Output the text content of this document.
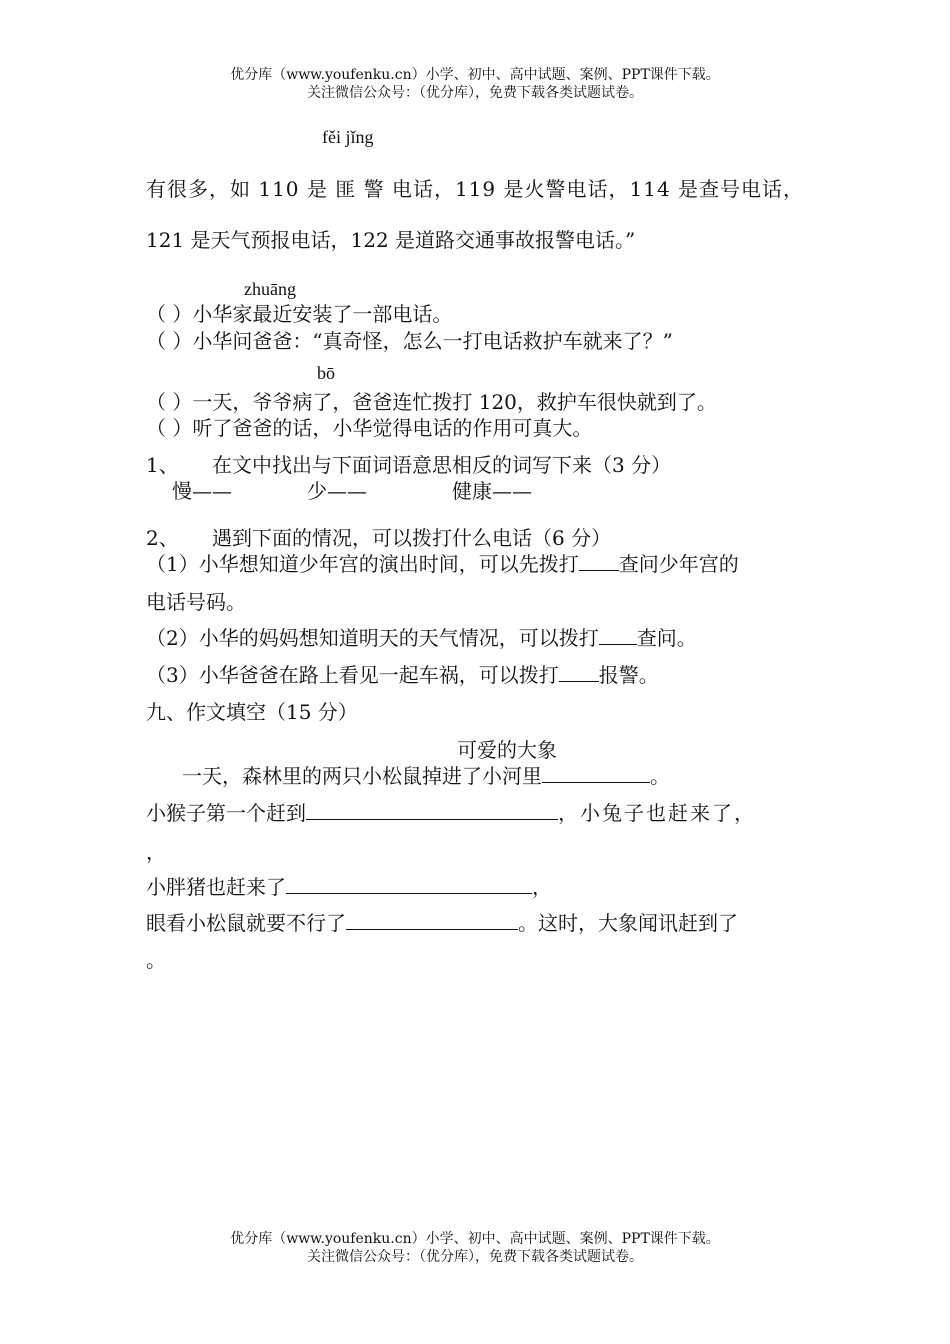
优分库（www.youfenku.cn）小学、初中、高中试题、案例、PPT课件下载。
关注微信公众号：（优分库），免费下载各类试题试卷。
fěi jǐng
有很多，如 110 是 匪 警 电话，119 是火警电话，114 是查号电话，
121 是天气预报电话，122 是道路交通事故报警电话。”
zhuāng
（ ）小华家最近安装了一部电话。
（ ）小华问爸爸：“真奇怪，怎么一打电话救护车就来了？”
bō
（ ）一天，爷爷病了，爸爸连忙拨打 120，救护车很快就到了。
（ ）听了爸爸的话，小华觉得电话的作用可真大。
1、 在文中找出与下面词语意思相反的词写下来（3 分）
慢——	少——	健康——
2、 遇到下面的情况，可以拨打什么电话（6 分）
（1）小华想知道少年宫的演出时间，可以先拨打 查问少年宫的
电话号码。
（2）小华的妈妈想知道明天的天气情况，可以拨打 查问。
（3）小华爸爸在路上看见一起车祸，可以拨打 报警。
九、作文填空（15 分）
可爱的大象
一天，森林里的两只小松鼠掉进了小河里	。
小猴子第一个赶到	，小兔子也赶来了，
，
小胖猪也赶来了	，
眼看小松鼠就要不行了	。这时，大象闻讯赶到了
。
优分库（www.youfenku.cn）小学、初中、高中试题、案例、PPT课件下载。
关注微信公众号：（优分库），免费下载各类试题试卷。
